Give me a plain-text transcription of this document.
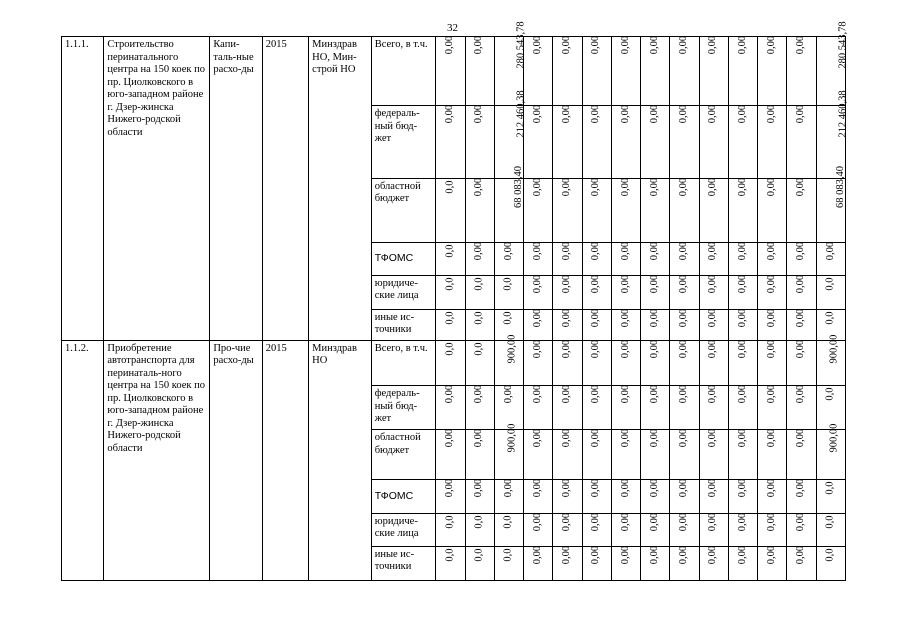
32
1.1.1.	Строительство перинатального центра на 150 коек по пр. Циолковского в юго-западном районе г. Дзер-жинска Нижего-родской области	Капи-таль-ные расхо-ды	2015	Минздрав НО, Мин-строй НО	Всего, в т.ч.	0,00	0,00	280 543,78	0,00	0,00	0,00	0,00	0,00	0,00	0,00	0,00	0,00	0,00	280 543,78
					федераль-ный бюд-жет	0,00	0,00	212 460,38	0,00	0,00	0,00	0,00	0,00	0,00	0,00	0,00	0,00	0,00	212 460,38
					областной бюджет	0,0	0,00	68 083,40	0,00	0,00	0,00	0,00	0,00	0,00	0,00	0,00	0,00	0,00	68 083,40
					ТФОМС	0,0	0,00	0,00	0,00	0,00	0,00	0,00	0,00	0,00	0,00	0,00	0,00	0,00	0,00
					юридиче-ские лица	0,0	0,0	0,0	0,00	0,00	0,00	0,00	0,00	0,00	0,00	0,00	0,00	0,00	0,0
					иные ис-точники	0,0	0,0	0,0	0,00	0,00	0,00	0,00	0,00	0,00	0,00	0,00	0,00	0,00	0,0
1.1.2.	Приобретение автотранспорта для перинаталь-ного центра на 150 коек по пр. Циолковского в юго-западном районе г. Дзер-жинска Нижего-родской области	Про-чие расхо-ды	2015	Минздрав НО	Всего, в т.ч.	0,0	0,0	900,00	0,00	0,00	0,00	0,00	0,00	0,00	0,00	0,00	0,00	0,00	900,00
					федераль-ный бюд-жет	0,00	0,00	0,00	0,00	0,00	0,00	0,00	0,00	0,00	0,00	0,00	0,00	0,00	0,0
					областной бюджет	0,00	0,00	900,00	0,00	0,00	0,00	0,00	0,00	0,00	0,00	0,00	0,00	0,00	900,00
					ТФОМС	0,00	0,00	0,00	0,00	0,00	0,00	0,00	0,00	0,00	0,00	0,00	0,00	0,00	0,0
					юридиче-ские лица	0,0	0,0	0,0	0,00	0,00	0,00	0,00	0,00	0,00	0,00	0,00	0,00	0,00	0,0
					иные ис-точники	0,0	0,0	0,0	0,00	0,00	0,00	0,00	0,00	0,00	0,00	0,00	0,00	0,00	0,0
